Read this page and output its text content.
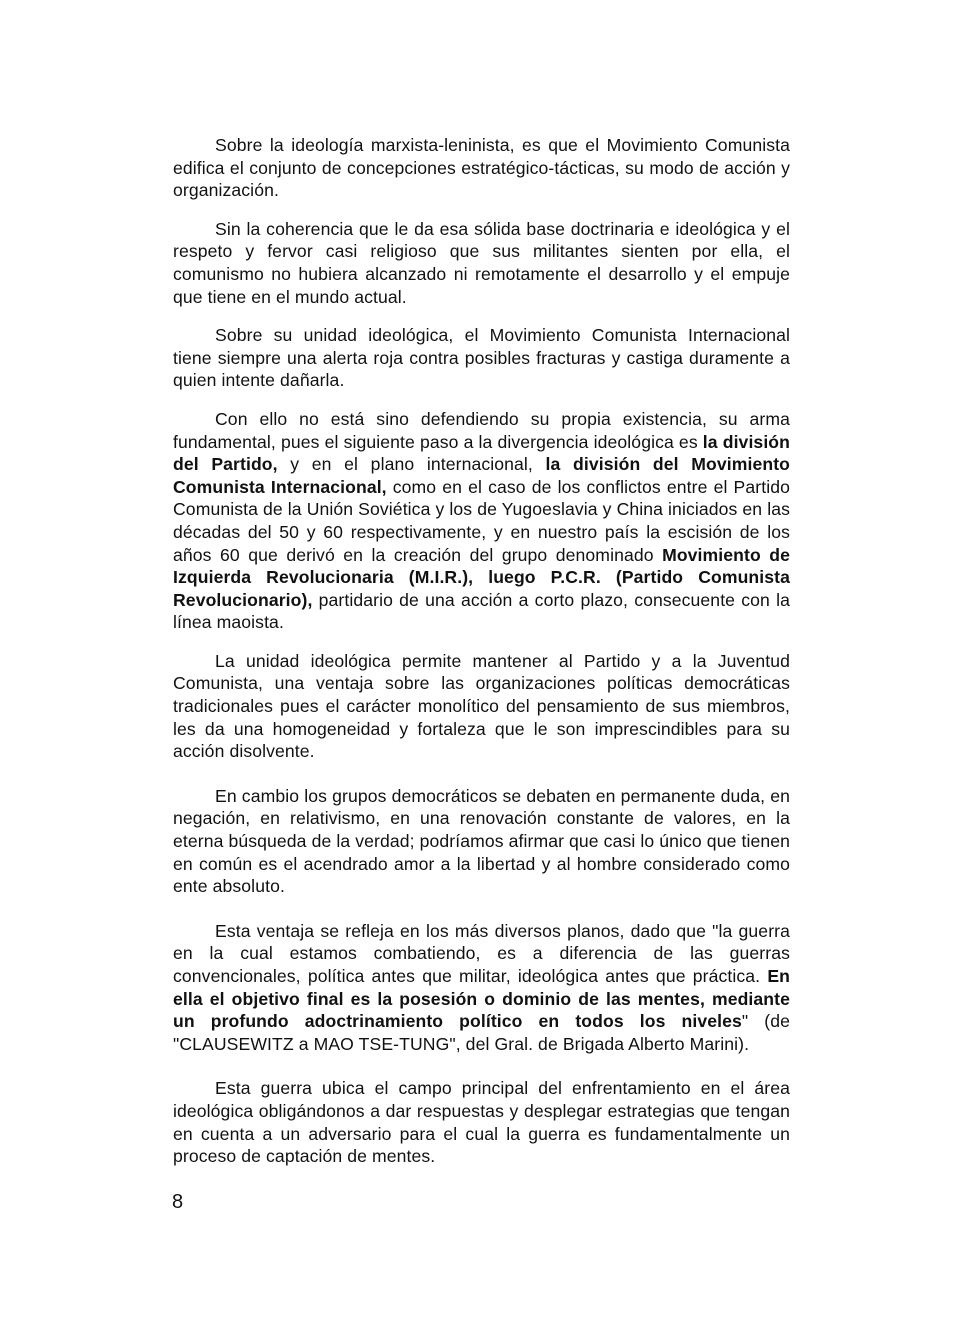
Sobre la ideología marxista-leninista, es que el Movimiento Comunista edifica el conjunto de concepciones estratégico-tácticas, su modo de acción y organización.

Sin la coherencia que le da esa sólida base doctrinaria e ideológica y el respeto y fervor casi religioso que sus militantes sienten por ella, el comunismo no hubiera alcanzado ni remotamente el desarrollo y el empuje que tiene en el mundo actual.

Sobre su unidad ideológica, el Movimiento Comunista Internacional tiene siempre una alerta roja contra posibles fracturas y castiga duramente a quien intente dañarla.

Con ello no está sino defendiendo su propia existencia, su arma fundamental, pues el siguiente paso a la divergencia ideológica es la división del Partido, y en el plano internacional, la división del Movimiento Comunista Internacional, como en el caso de los conflictos entre el Partido Comunista de la Unión Soviética y los de Yugoeslavia y China iniciados en las décadas del 50 y 60 respectivamente, y en nuestro país la escisión de los años 60 que derivó en la creación del grupo denominado Movimiento de Izquierda Revolucionaria (M.I.R.), luego P.C.R. (Partido Comunista Revolucionario), partidario de una acción a corto plazo, consecuente con la línea maoista.

La unidad ideológica permite mantener al Partido y a la Juventud Comunista, una ventaja sobre las organizaciones políticas democráticas tradicionales pues el carácter monolítico del pensamiento de sus miembros, les da una homogeneidad y fortaleza que le son imprescindibles para su acción disolvente.

En cambio los grupos democráticos se debaten en permanente duda, en negación, en relativismo, en una renovación constante de valores, en la eterna búsqueda de la verdad; podríamos afirmar que casi lo único que tienen en común es el acendrado amor a la libertad y al hombre considerado como ente absoluto.

Esta ventaja se refleja en los más diversos planos, dado que "la guerra en la cual estamos combatiendo, es a diferencia de las guerras convencionales, política antes que militar, ideológica antes que práctica. En ella el objetivo final es la posesión o dominio de las mentes, mediante un profundo adoctrinamiento político en todos los niveles" (de "CLAUSEWITZ a MAO TSE-TUNG", del Gral. de Brigada Alberto Marini).

Esta guerra ubica el campo principal del enfrentamiento en el área ideológica obligándonos a dar respuestas y desplegar estrategias que tengan en cuenta a un adversario para el cual la guerra es fundamentalmente un proceso de captación de mentes.

8
